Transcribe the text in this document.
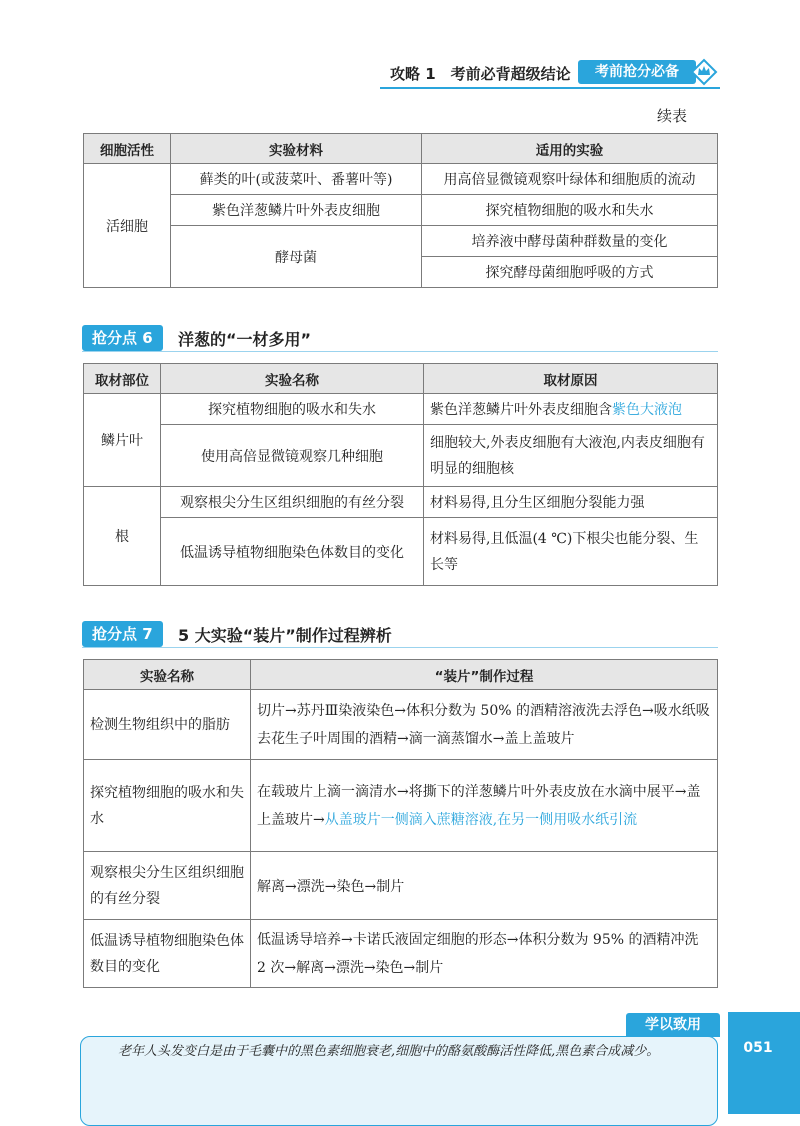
攻略 1　考前必背超级结论	考前抢分必备
续表
细胞活性	实验材料	适用的实验
活细胞	藓类的叶(或菠菜叶、番薯叶等)	用高倍显微镜观察叶绿体和细胞质的流动
	紫色洋葱鳞片叶外表皮细胞	探究植物细胞的吸水和失水
	酵母菌	培养液中酵母菌种群数量的变化
		探究酵母菌细胞呼吸的方式
抢分点 6	洋葱的“一材多用”
取材部位	实验名称	取材原因
鳞片叶	探究植物细胞的吸水和失水	紫色洋葱鳞片叶外表皮细胞含紫色大液泡
	使用高倍显微镜观察几种细胞	细胞较大,外表皮细胞有大液泡,内表皮细胞有明显的细胞核
根	观察根尖分生区组织细胞的有丝分裂	材料易得,且分生区细胞分裂能力强
	低温诱导植物细胞染色体数目的变化	材料易得,且低温(4 ℃)下根尖也能分裂、生长等
抢分点 7	5 大实验“装片”制作过程辨析
实验名称	“装片”制作过程
检测生物组织中的脂肪	切片→苏丹Ⅲ染液染色→体积分数为 50% 的酒精溶液洗去浮色→吸水纸吸去花生子叶周围的酒精→滴一滴蒸馏水→盖上盖玻片
探究植物细胞的吸水和失水	在载玻片上滴一滴清水→将撕下的洋葱鳞片叶外表皮放在水滴中展平→盖上盖玻片→从盖玻片一侧滴入蔗糖溶液,在另一侧用吸水纸引流
观察根尖分生区组织细胞的有丝分裂	解离→漂洗→染色→制片
低温诱导植物细胞染色体数目的变化	低温诱导培养→卡诺氏液固定细胞的形态→体积分数为 95% 的酒精冲洗 2 次→解离→漂洗→染色→制片
学以致用
　　老年人头发变白是由于毛囊中的黑色素细胞衰老,细胞中的酪氨酸酶活性降低,黑色素合成减少。	051
